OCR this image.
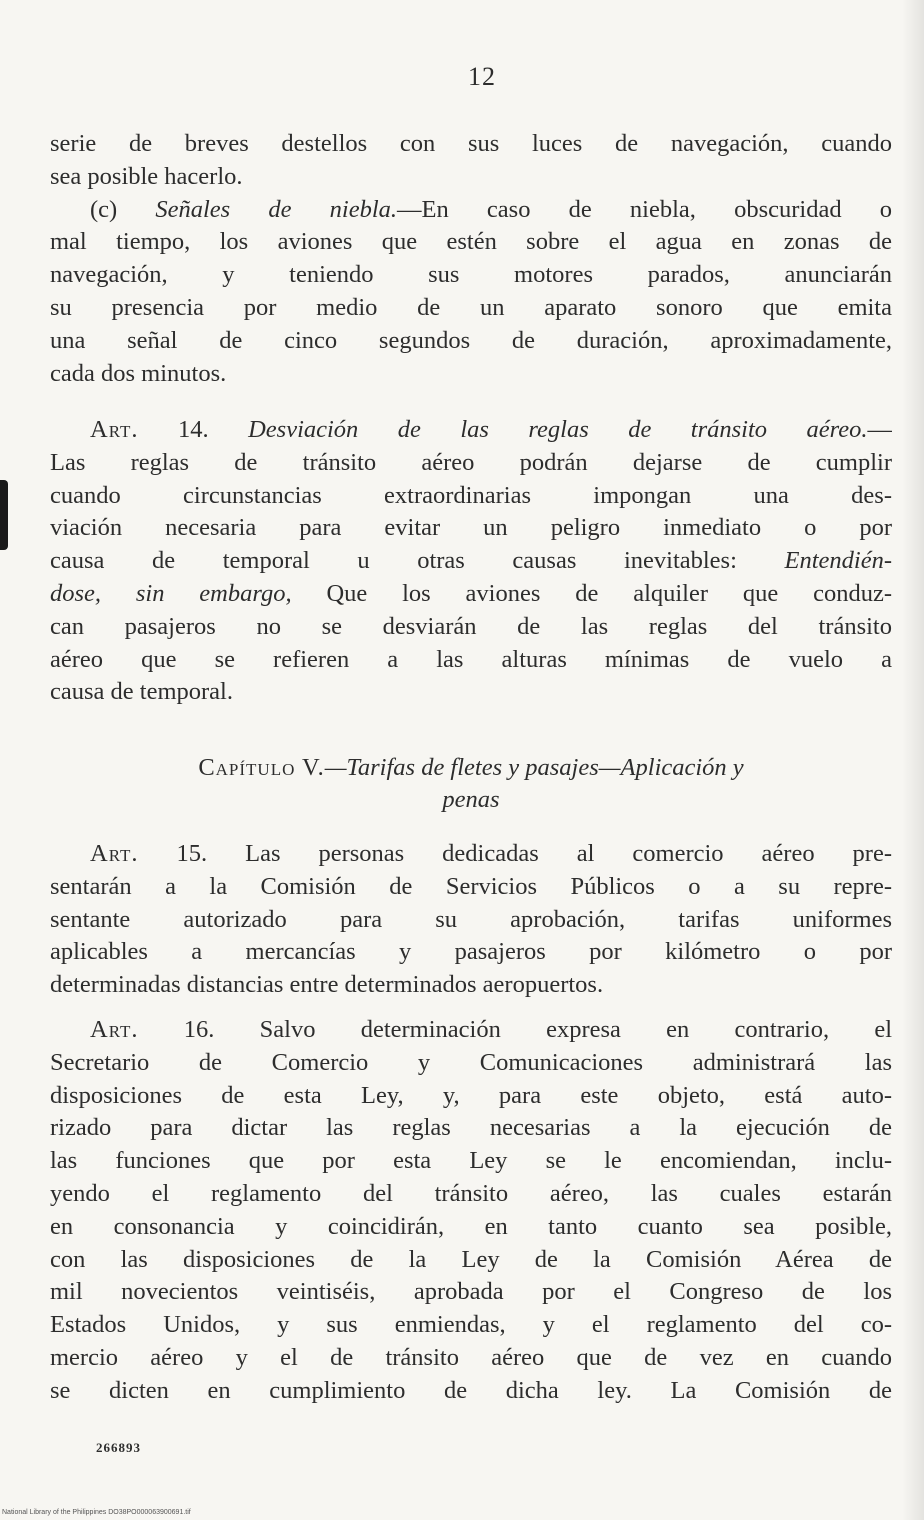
12
serie de breves destellos con sus luces de navegación, cuando
sea posible hacerlo.
(c) Señales de niebla.—En caso de niebla, obscuridad o
mal tiempo, los aviones que estén sobre el agua en zonas de
navegación, y teniendo sus motores parados, anunciarán
su presencia por medio de un aparato sonoro que emita
una señal de cinco segundos de duración, aproximadamente,
cada dos minutos.
Art. 14. Desviación de las reglas de tránsito aéreo.—
Las reglas de tránsito aéreo podrán dejarse de cumplir
cuando circunstancias extraordinarias impongan una des-
viación necesaria para evitar un peligro inmediato o por
causa de temporal u otras causas inevitables: Entendién-
dose, sin embargo, Que los aviones de alquiler que conduz-
can pasajeros no se desviarán de las reglas del tránsito
aéreo que se refieren a las alturas mínimas de vuelo a
causa de temporal.
Capítulo V.—Tarifas de fletes y pasajes—Aplicación y
penas
Art. 15. Las personas dedicadas al comercio aéreo pre-
sentarán a la Comisión de Servicios Públicos o a su repre-
sentante autorizado para su aprobación, tarifas uniformes
aplicables a mercancías y pasajeros por kilómetro o por
determinadas distancias entre determinados aeropuertos.
Art. 16. Salvo determinación expresa en contrario, el
Secretario de Comercio y Comunicaciones administrará las
disposiciones de esta Ley, y, para este objeto, está auto-
rizado para dictar las reglas necesarias a la ejecución de
las funciones que por esta Ley se le encomiendan, inclu-
yendo el reglamento del tránsito aéreo, las cuales estarán
en consonancia y coincidirán, en tanto cuanto sea posible,
con las disposiciones de la Ley de la Comisión Aérea de
mil novecientos veintiséis, aprobada por el Congreso de los
Estados Unidos, y sus enmiendas, y el reglamento del co-
mercio aéreo y el de tránsito aéreo que de vez en cuando
se dicten en cumplimiento de dicha ley. La Comisión de
266893
National Library of the Philippines DO38PO000063900691.tif
